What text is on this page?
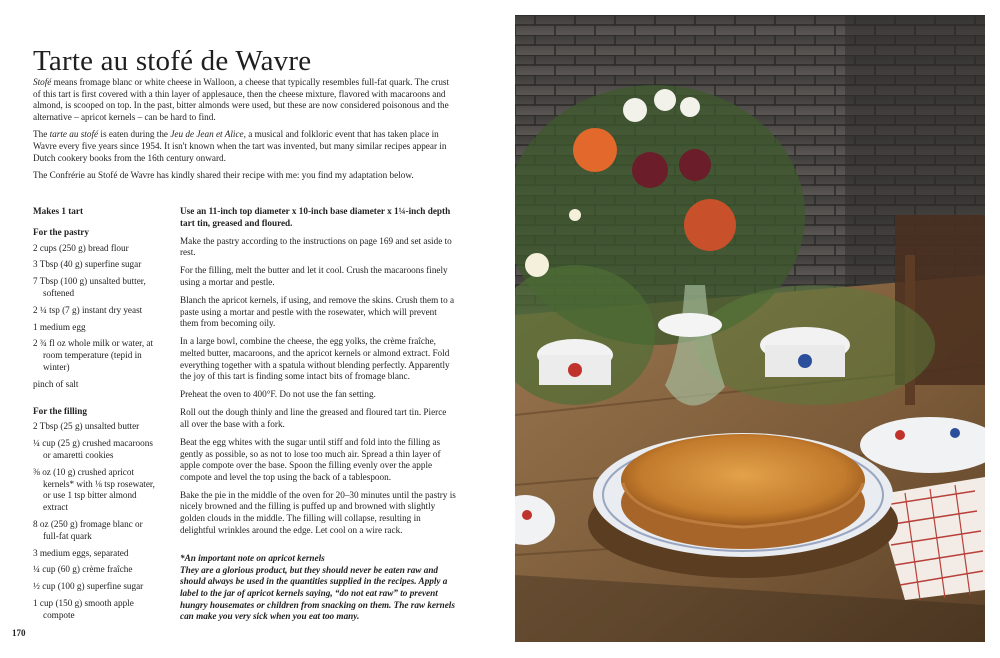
Tarte au stofé de Wavre

Stofé means fromage blanc or white cheese in Walloon, a cheese that typically resembles full-fat quark. The crust of this tart is first covered with a thin layer of applesauce, then the cheese mixture, flavored with macaroons and almond, is scooped on top. In the past, bitter almonds were used, but these are now considered poisonous and the alternative – apricot kernels – can be hard to find.

The tarte au stofé is eaten during the Jeu de Jean et Alice, a musical and folkloric event that has taken place in Wavre every five years since 1954. It isn't known when the tart was invented, but many similar recipes appear in Dutch cookery books from the 16th century onward.

The Confrérie au Stofé de Wavre has kindly shared their recipe with me: you find my adaptation below.

Makes 1 tart
For the pastry
2 cups (250 g) bread flour
3 Tbsp (40 g) superfine sugar
7 Tbsp (100 g) unsalted butter, softened
2 ¼ tsp (7 g) instant dry yeast
1 medium egg
2 ¾ fl oz whole milk or water, at room temperature (tepid in winter)
pinch of salt
For the filling
2 Tbsp (25 g) unsalted butter
¼ cup (25 g) crushed macaroons or amaretti cookies
⅜ oz (10 g) crushed apricot kernels* with ⅛ tsp rosewater, or use 1 tsp bitter almond extract
8 oz (250 g) fromage blanc or full-fat quark
3 medium eggs, separated
¼ cup (60 g) crème fraîche
½ cup (100 g) superfine sugar
1 cup (150 g) smooth apple compote

Use an 11-inch top diameter x 10-inch base diameter x 1¼-inch depth tart tin, greased and floured.

Make the pastry according to the instructions on page 169 and set aside to rest.

For the filling, melt the butter and let it cool. Crush the macaroons finely using a mortar and pestle.

Blanch the apricot kernels, if using, and remove the skins. Crush them to a paste using a mortar and pestle with the rosewater, which will prevent them from becoming oily.

In a large bowl, combine the cheese, the egg yolks, the crème fraîche, melted butter, macaroons, and the apricot kernels or almond extract. Fold everything together with a spatula without blending perfectly. Apparently the joy of this tart is finding some intact bits of fromage blanc.

Preheat the oven to 400°F. Do not use the fan setting.

Roll out the dough thinly and line the greased and floured tart tin. Pierce all over the base with a fork.

Beat the egg whites with the sugar until stiff and fold into the filling as gently as possible, so as not to lose too much air. Spread a thin layer of apple compote over the base. Spoon the filling evenly over the apple compote and level the top using the back of a tablespoon.

Bake the pie in the middle of the oven for 20–30 minutes until the pastry is nicely browned and the filling is puffed up and browned with slightly golden clouds in the middle. The filling will collapse, resulting in delightful wrinkles around the edge. Let cool on a wire rack.

*An important note on apricot kernels
They are a glorious product, but they should never be eaten raw and should always be used in the quantities supplied in the recipes. Apply a label to the jar of apricot kernels saying, “do not eat raw” to prevent hungry housemates or children from snacking on them. The raw kernels can make you very sick when you eat too many.

170
